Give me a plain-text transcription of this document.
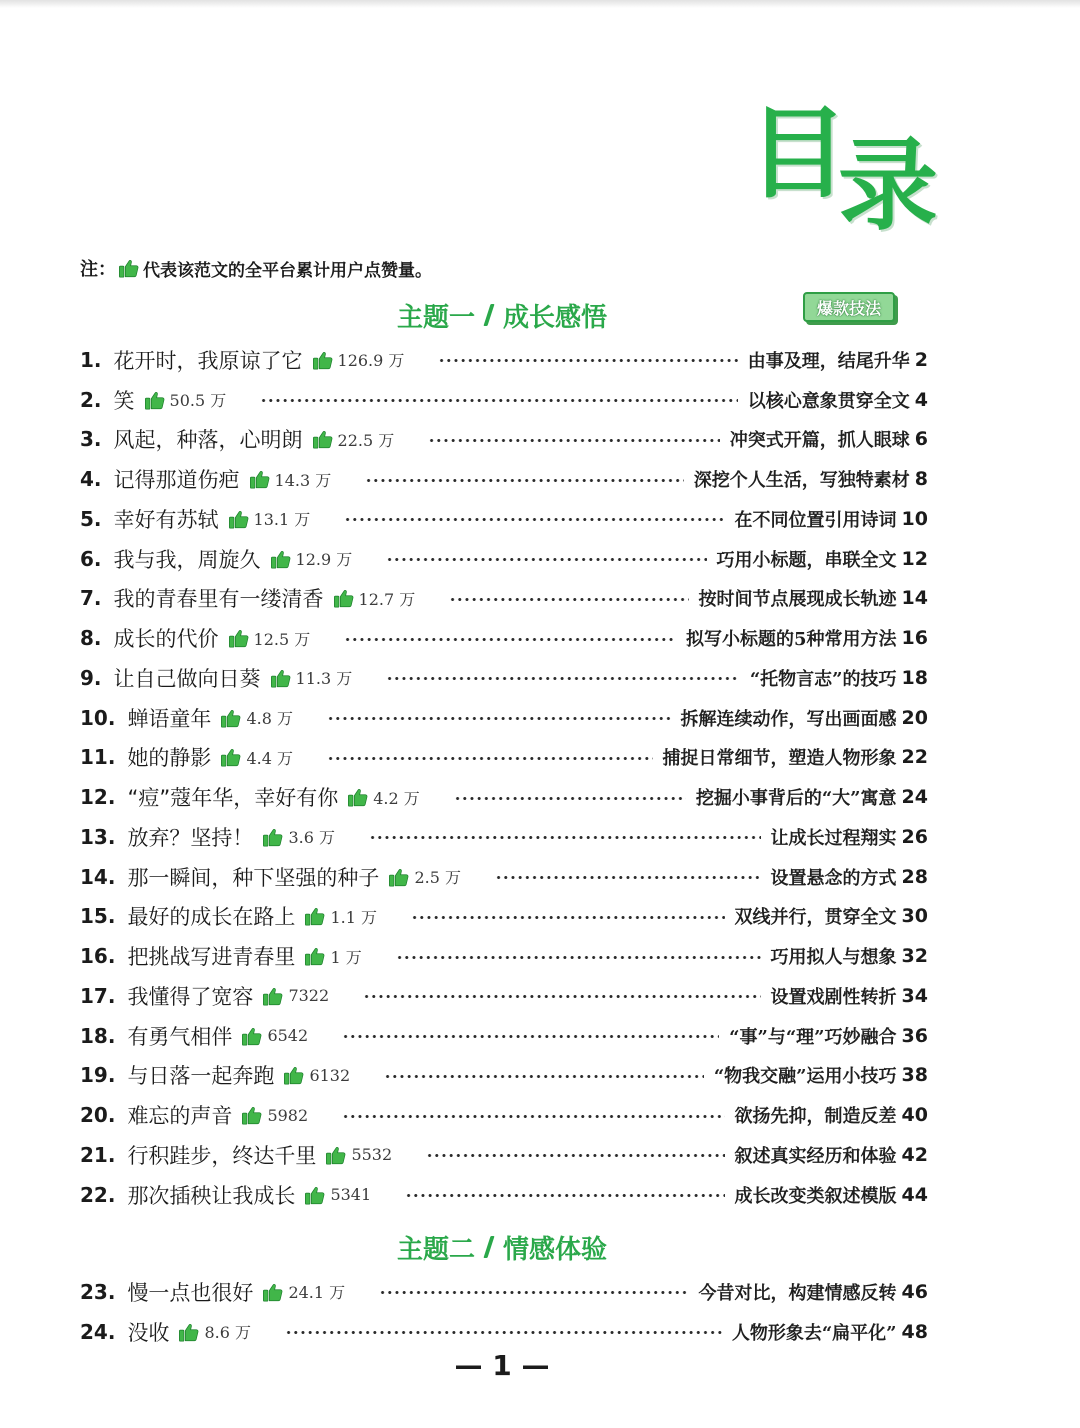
目
录
注： 代表该范文的全平台累计用户点赞量。
主题一 成长感悟	爆款技法
1. 花开时，我原谅了它 126.9 万	由事及理，结尾升华 2
2. 笑 50.5 万	以核心意象贯穿全文 4
3. 风起，种落，心明朗 22.5 万	冲突式开篇，抓人眼球 6
4. 记得那道伤疤 14.3 万	深挖个人生活，写独特素材 8
5. 幸好有苏轼 13.1 万	在不同位置引用诗词 10
6. 我与我，周旋久 12.9 万	巧用小标题，串联全文 12
7. 我的青春里有一缕清香 12.7 万	按时间节点展现成长轨迹 14
8. 成长的代价 12.5 万	拟写小标题的5种常用方法 16
9. 让自己做向日葵 11.3 万	“托物言志”的技巧 18
10. 蝉语童年 4.8 万	拆解连续动作，写出画面感 20
11. 她的静影 4.4 万	捕捉日常细节，塑造人物形象 22
12. “痘”蔻年华，幸好有你 4.2 万	挖掘小事背后的“大”寓意 24
13. 放弃？坚持！ 3.6 万	让成长过程翔实 26
14. 那一瞬间，种下坚强的种子 2.5 万	设置悬念的方式 28
15. 最好的成长在路上 1.1 万	双线并行，贯穿全文 30
16. 把挑战写进青春里 1 万	巧用拟人与想象 32
17. 我懂得了宽容 7322	设置戏剧性转折 34
18. 有勇气相伴 6542	“事”与“理”巧妙融合 36
19. 与日落一起奔跑 6132	“物我交融”运用小技巧 38
20. 难忘的声音 5982	欲扬先抑，制造反差 40
21. 行积跬步，终达千里 5532	叙述真实经历和体验 42
22. 那次插秧让我成长 5341	成长改变类叙述模版 44
主题二 情感体验
23. 慢一点也很好 24.1 万	今昔对比，构建情感反转 46
24. 没收 8.6 万	人物形象去“扁平化” 48
— 1 —
